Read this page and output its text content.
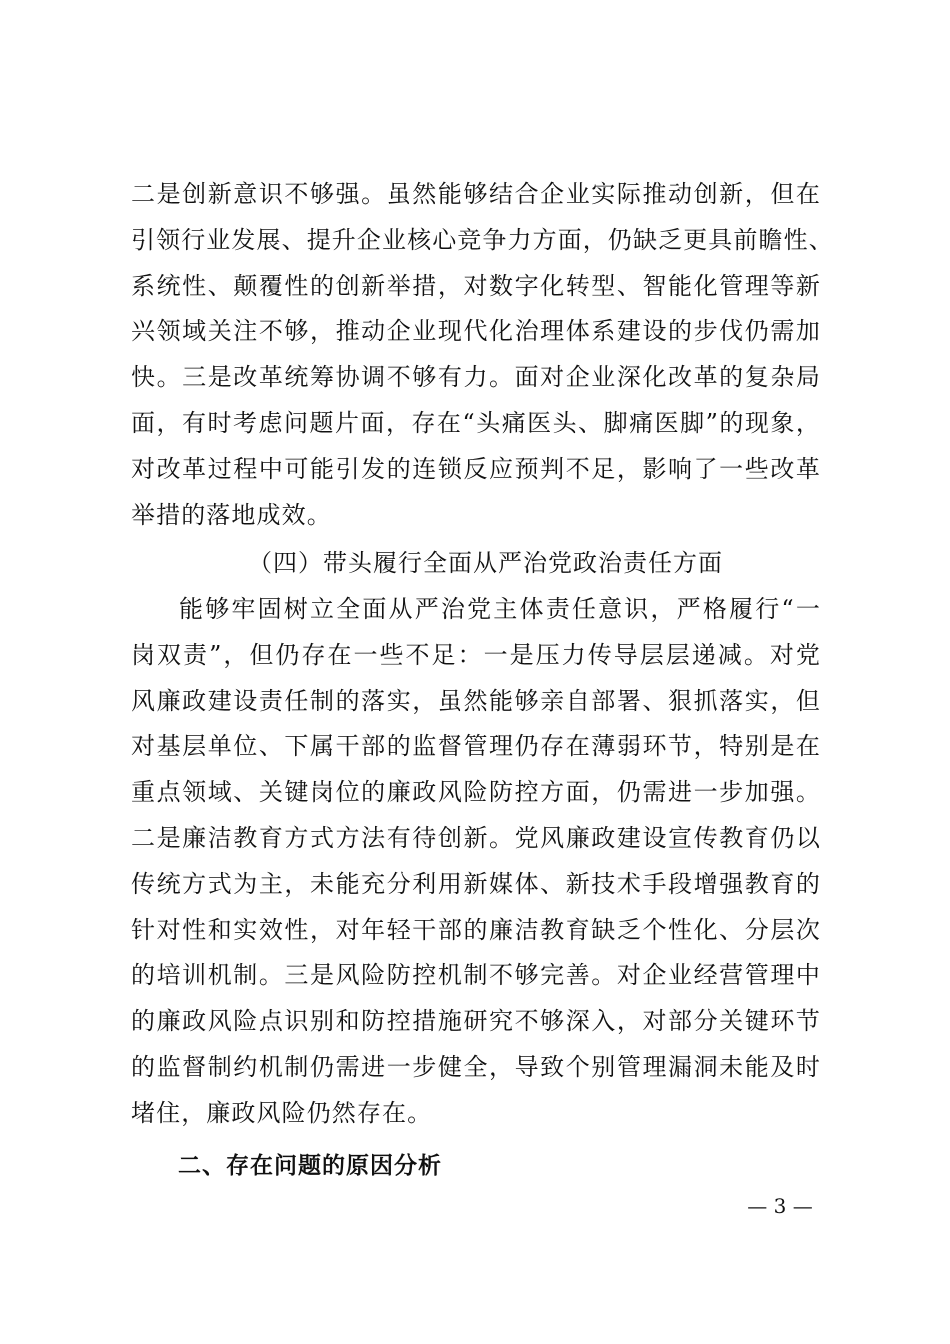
二是创新意识不够强。虽然能够结合企业实际推动创新，但在
引领行业发展、提升企业核心竞争力方面，仍缺乏更具前瞻性、
系统性、颠覆性的创新举措，对数字化转型、智能化管理等新
兴领域关注不够，推动企业现代化治理体系建设的步伐仍需加
快。三是改革统筹协调不够有力。面对企业深化改革的复杂局
面，有时考虑问题片面，存在“头痛医头、脚痛医脚”的现象，
对改革过程中可能引发的连锁反应预判不足，影响了一些改革
举措的落地成效。
（四）带头履行全面从严治党政治责任方面
能够牢固树立全面从严治党主体责任意识，严格履行“一
岗双责”，但仍存在一些不足：一是压力传导层层递减。对党
风廉政建设责任制的落实，虽然能够亲自部署、狠抓落实，但
对基层单位、下属干部的监督管理仍存在薄弱环节，特别是在
重点领域、关键岗位的廉政风险防控方面，仍需进一步加强。
二是廉洁教育方式方法有待创新。党风廉政建设宣传教育仍以
传统方式为主，未能充分利用新媒体、新技术手段增强教育的
针对性和实效性，对年轻干部的廉洁教育缺乏个性化、分层次
的培训机制。三是风险防控机制不够完善。对企业经营管理中
的廉政风险点识别和防控措施研究不够深入，对部分关键环节
的监督制约机制仍需进一步健全，导致个别管理漏洞未能及时
堵住，廉政风险仍然存在。
二、存在问题的原因分析
— 3 —
